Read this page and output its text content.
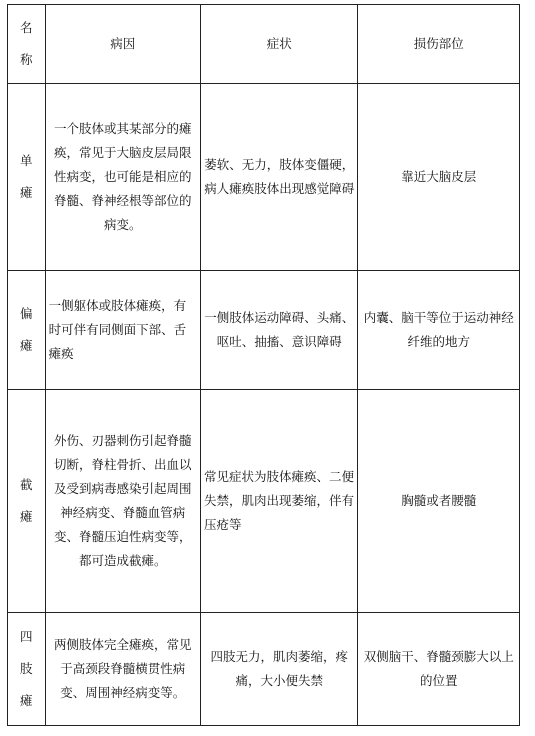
名
称	病因	症状	损伤部位

单
瘫	一个肢体或其某部分的瘫痪，常见于大脑皮层局限性病变，也可能是相应的脊髓、脊神经根等部位的病变。	萎软、无力，肢体变僵硬，病人瘫痪肢体出现感觉障碍	靠近大脑皮层

偏
瘫	一侧躯体或肢体瘫痪，有时可伴有同侧面下部、舌瘫痪	一侧肢体运动障碍、头痛、呕吐、抽搐、意识障碍	内囊、脑干等位于运动神经纤维的地方

截
瘫	外伤、刃器刺伤引起脊髓切断，脊柱骨折、出血以及受到病毒感染引起周围神经病变、脊髓血管病变、脊髓压迫性病变等，都可造成截瘫。	常见症状为肢体瘫痪、二便失禁，肌肉出现萎缩，伴有压疮等	胸髓或者腰髓

四
肢
瘫	两侧肢体完全瘫痪，常见于高颈段脊髓横贯性病变、周围神经病变等。	四肢无力，肌肉萎缩，疼痛，大小便失禁	双侧脑干、脊髓颈膨大以上的位置
